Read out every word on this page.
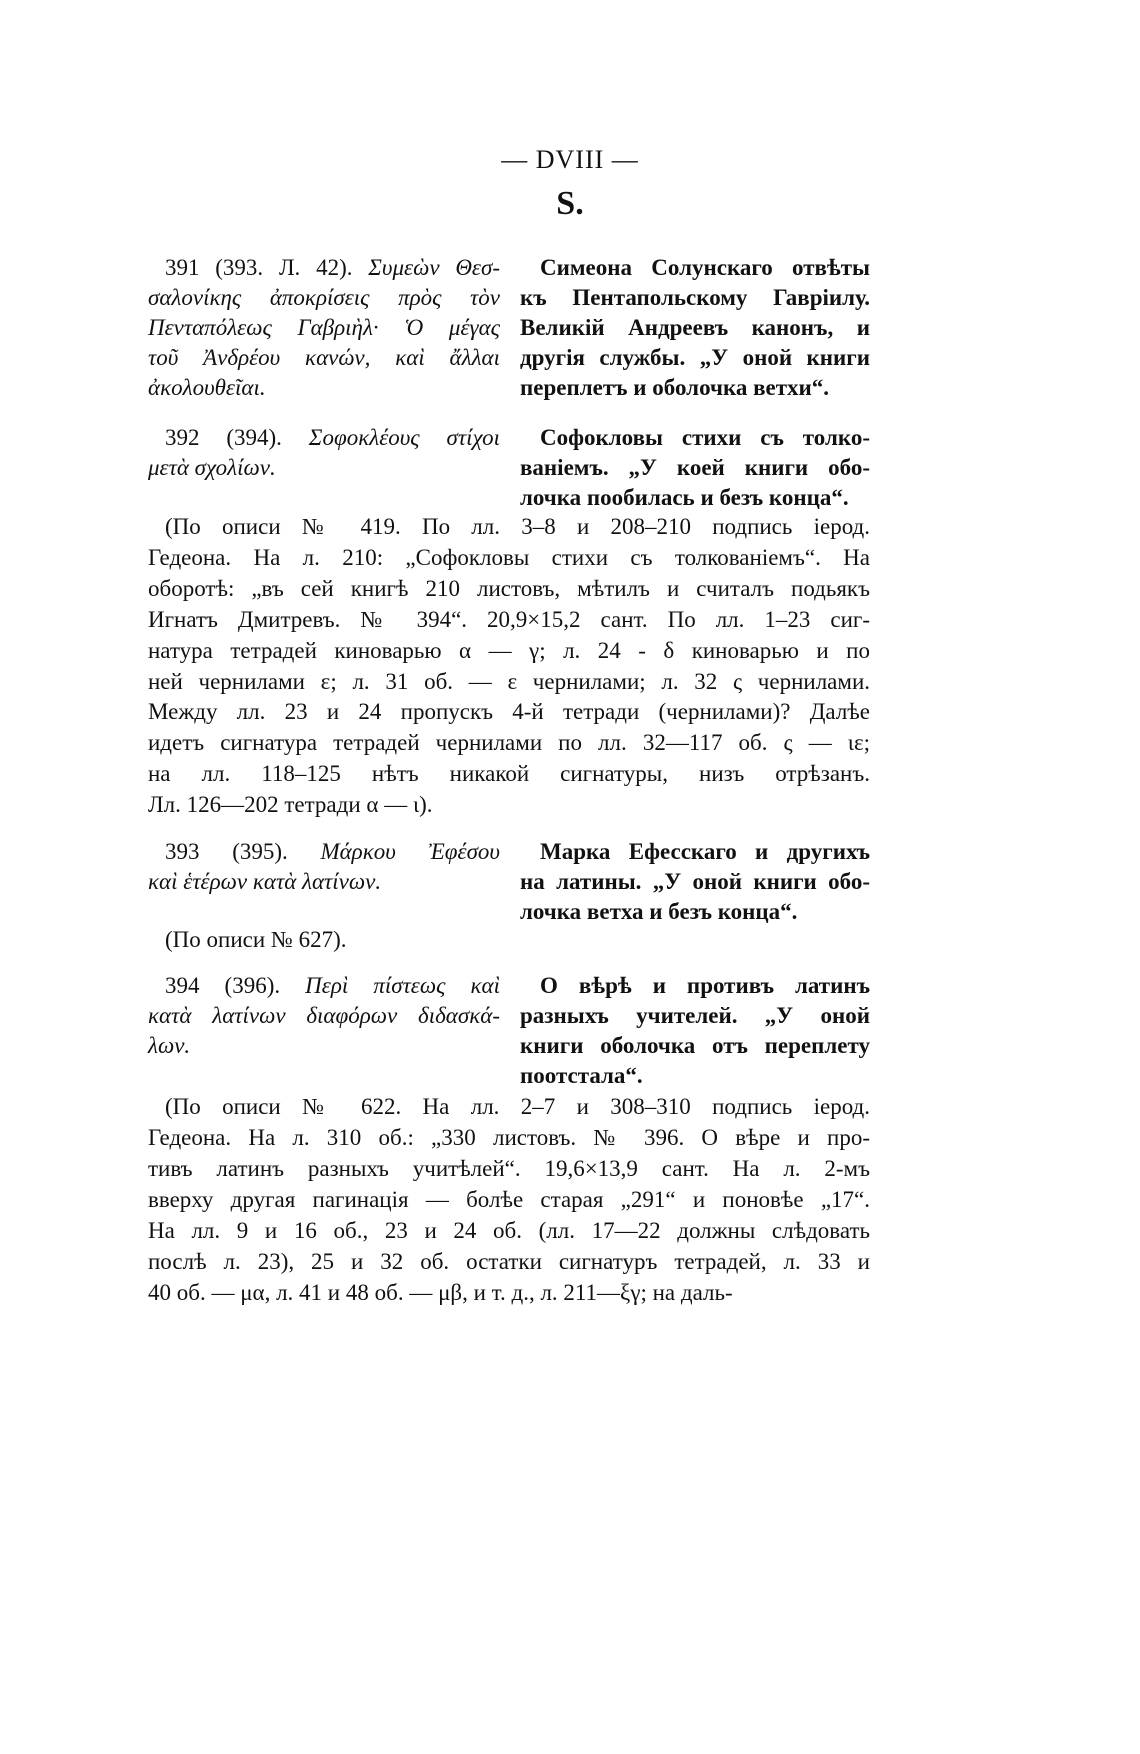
— DVIII —
S.
391 (393. Л. 42). Συμεὼν Θεσ-
σαλονίκης ἀποκρίσεις πρὸς τὸν
Πενταπόλεως Γαβριὴλ· Ὁ μέγας
τοῦ Ἀνδρέου κανών, καὶ ἄλλαι
ἀκολουθεῖαι.
Симеона Солунскаго отвѣты
къ Пентапольскому Гавріилу.
Великій Андреевъ канонъ, и
другія службы. „У оной книги
переплетъ и оболочка ветхи“.
392 (394). Σοφοκλέους στίχοι
μετὰ σχολίων.
Софокловы стихи съ толко-
ваніемъ. „У коей книги обо-
лочка пообилась и безъ конца“.
(По описи № 419. По лл. 3–8 и 208–210 подпись іерод.
Гедеона. На л. 210: „Софокловы стихи съ толкованіемъ“. На
оборотѣ: „въ сей книгѣ 210 листовъ, мѣтилъ и считалъ подьякъ
Игнатъ Дмитревъ. № 394“. 20,9×15,2 сант. По лл. 1–23 сиг-
натура тетрадей киноварью α — γ; л. 24 - δ киноварью и по
ней чернилами ε; л. 31 об. — ε чернилами; л. 32 ς чернилами.
Между лл. 23 и 24 пропускъ 4-й тетради (чернилами)? Далѣе
идетъ сигнатура тетрадей чернилами по лл. 32—117 об. ς — ιε;
на лл. 118–125 нѣтъ никакой сигнатуры, низъ отрѣзанъ.
Лл. 126—202 тетради α — ι).
393 (395). Μάρκου Ἐφέσου
καὶ ἑτέρων κατὰ λατίνων.
Марка Ефесскаго и другихъ
на латины. „У оной книги обо-
лочка ветха и безъ конца“.
(По описи № 627).
394 (396). Περὶ πίστεως καὶ
κατὰ λατίνων διαφόρων διδασκά-
λων.
О вѣрѣ и противъ латинъ
разныхъ учителей. „У оной
книги оболочка отъ переплету
поотстала“.
(По описи № 622. На лл. 2–7 и 308–310 подпись іерод.
Гедеона. На л. 310 об.: „330 листовъ. № 396. О вѣре и про-
тивъ латинъ разныхъ учитѣлей“. 19,6×13,9 сант. На л. 2-мъ
вверху другая пагинація — болѣе старая „291“ и поновѣе „17“.
На лл. 9 и 16 об., 23 и 24 об. (лл. 17—22 должны слѣдовать
послѣ л. 23), 25 и 32 об. остатки сигнатуръ тетрадей, л. 33 и
40 об. — μα, л. 41 и 48 об. — μβ, и т. д., л. 211—ξγ; на даль-
